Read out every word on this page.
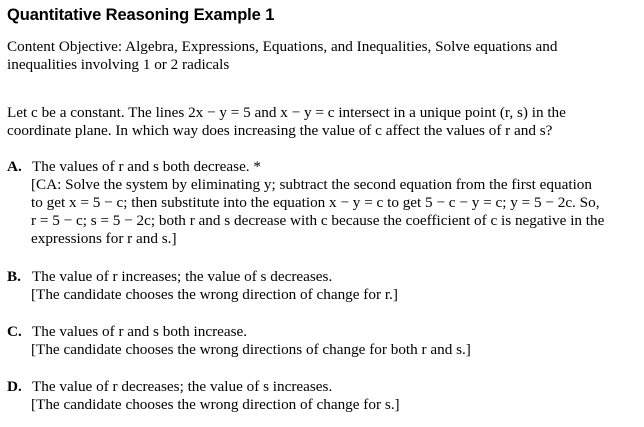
Quantitative Reasoning Example 1
Content Objective: Algebra, Expressions, Equations, and Inequalities, Solve equations and
inequalities involving 1 or 2 radicals
Let c be a constant. The lines 2x − y = 5 and x − y = c intersect in a unique point (r, s) in the
coordinate plane. In which way does increasing the value of c affect the values of r and s?
A. The values of r and s both decrease. *
[CA: Solve the system by eliminating y; subtract the second equation from the first equation
to get x = 5 − c; then substitute into the equation x − y = c to get 5 − c − y = c; y = 5 − 2c. So,
r = 5 − c; s = 5 − 2c; both r and s decrease with c because the coefficient of c is negative in the
expressions for r and s.]
B. The value of r increases; the value of s decreases.
[The candidate chooses the wrong direction of change for r.]
C. The values of r and s both increase.
[The candidate chooses the wrong directions of change for both r and s.]
D. The value of r decreases; the value of s increases.
[The candidate chooses the wrong direction of change for s.]
